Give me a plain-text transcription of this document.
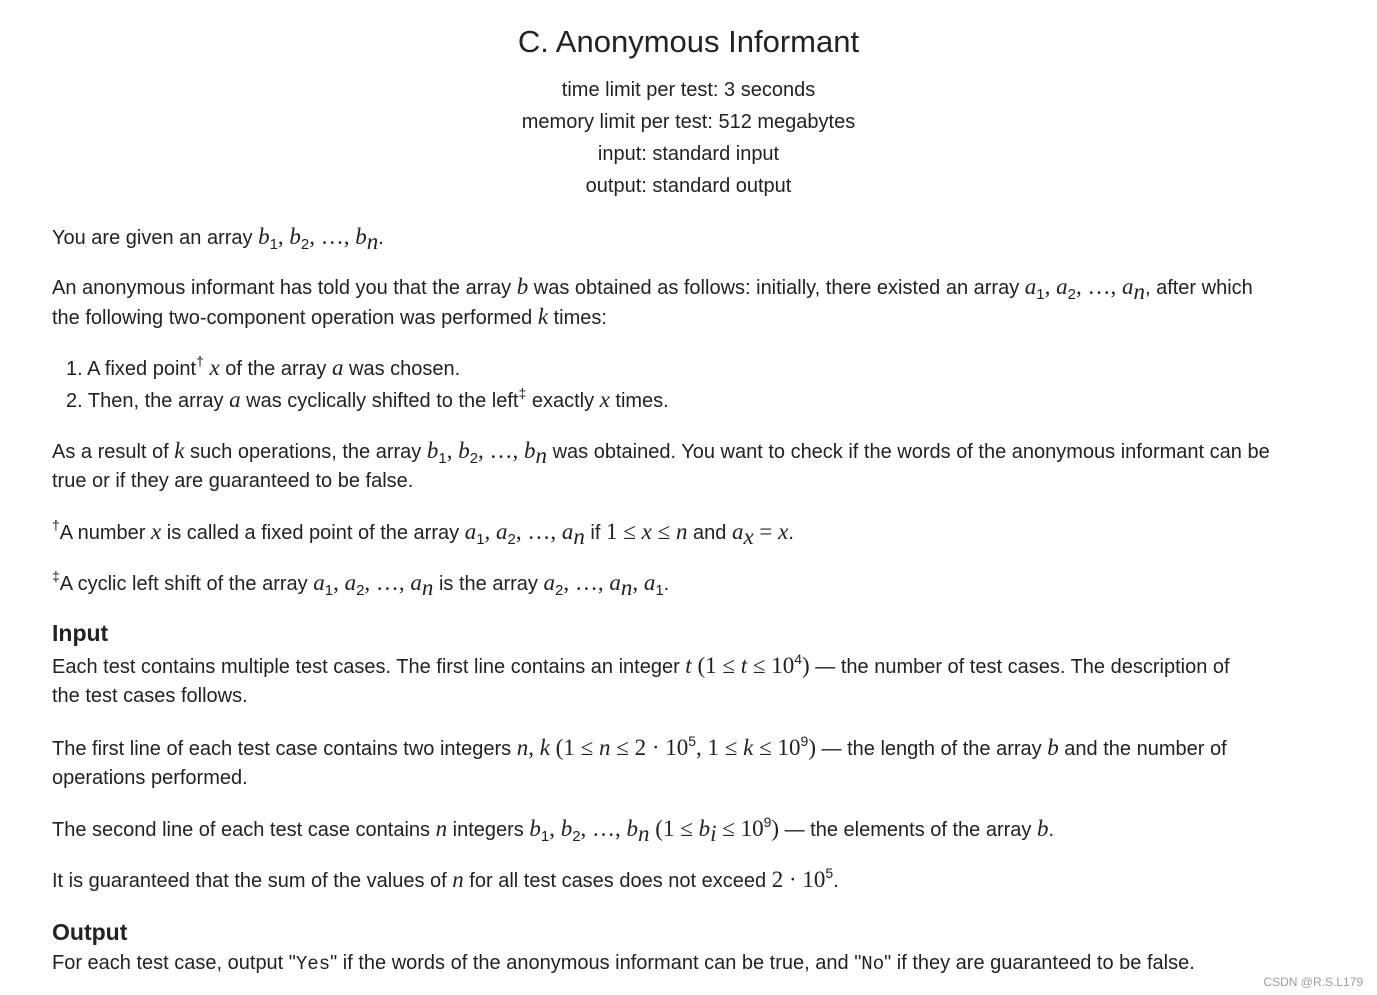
C. Anonymous Informant
time limit per test: 3 seconds
memory limit per test: 512 megabytes
input: standard input
output: standard output
You are given an array $b_1$, $b_2$, …, $b_n$.
An anonymous informant has told you that the array b was obtained as follows: initially, there existed an array $a_1$, $a_2$, …, $a_n$, after which
the following two-component operation was performed k times:
1. A fixed point† x of the array a was chosen.
2. Then, the array a was cyclically shifted to the left‡ exactly x times.
As a result of k such operations, the array $b_1$, $b_2$, …, $b_n$ was obtained. You want to check if the words of the anonymous informant can be
true or if they are guaranteed to be false.
†A number x is called a fixed point of the array $a_1$, $a_2$, …, $a_n$ if 1 ≤ x ≤ n and $a_x = x$.
‡A cyclic left shift of the array $a_1$, $a_2$, …, $a_n$ is the array $a_2$, …, $a_n$, $a_1$.
Input
Each test contains multiple test cases. The first line contains an integer t $(1 \le t \le 10^4)$ — the number of test cases. The description of
the test cases follows.
The first line of each test case contains two integers n, k ($1 \le n \le 2 \cdot 10^5$, $1 \le k \le 10^9$) — the length of the array b and the number of
operations performed.
The second line of each test case contains n integers $b_1$, $b_2$, …, $b_n$ $(1 \le b_i \le 10^9)$ — the elements of the array b.
It is guaranteed that the sum of the values of n for all test cases does not exceed $2 \cdot 10^5$.
Output
For each test case, output "Yes" if the words of the anonymous informant can be true, and "No" if they are guaranteed to be false.
CSDN @R.S.L179
